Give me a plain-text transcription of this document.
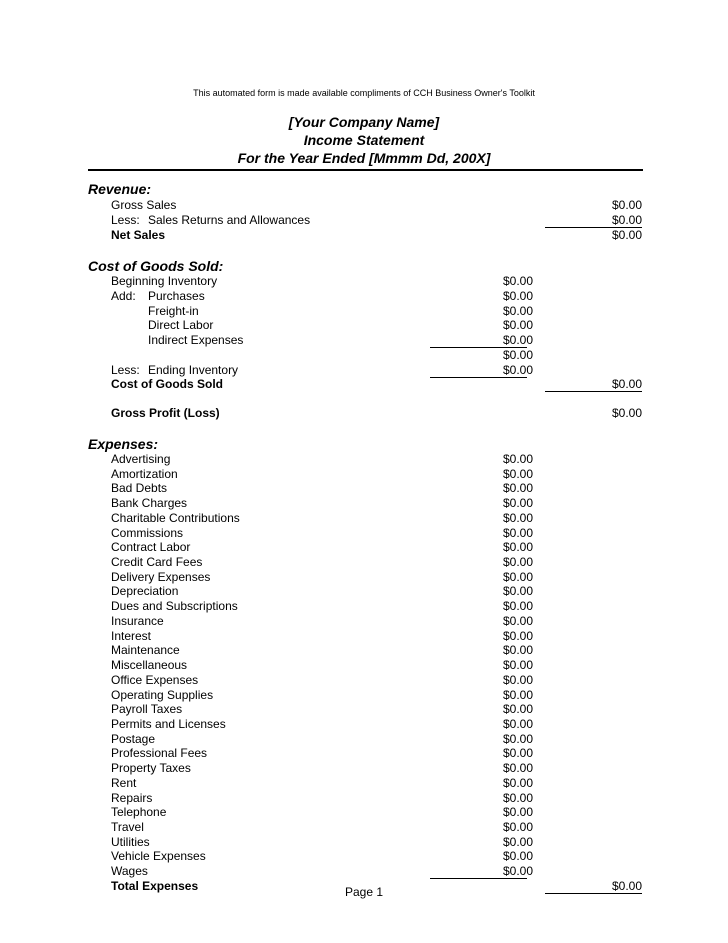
This automated form is made available compliments of CCH Business Owner's Toolkit
[Your Company Name]
Income Statement
For the Year Ended [Mmmm Dd, 200X]
Revenue:
Gross Sales	$0.00
Less: Sales Returns and Allowances	$0.00
Net Sales	$0.00
Cost of Goods Sold:
Beginning Inventory	$0.00
Add: Purchases	$0.00
Freight-in	$0.00
Direct Labor	$0.00
Indirect Expenses	$0.00
$0.00
Less: Ending Inventory	$0.00
Cost of Goods Sold	$0.00
Gross Profit (Loss)	$0.00
Expenses:
Advertising	$0.00
Amortization	$0.00
Bad Debts	$0.00
Bank Charges	$0.00
Charitable Contributions	$0.00
Commissions	$0.00
Contract Labor	$0.00
Credit Card Fees	$0.00
Delivery Expenses	$0.00
Depreciation	$0.00
Dues and Subscriptions	$0.00
Insurance	$0.00
Interest	$0.00
Maintenance	$0.00
Miscellaneous	$0.00
Office Expenses	$0.00
Operating Supplies	$0.00
Payroll Taxes	$0.00
Permits and Licenses	$0.00
Postage	$0.00
Professional Fees	$0.00
Property Taxes	$0.00
Rent	$0.00
Repairs	$0.00
Telephone	$0.00
Travel	$0.00
Utilities	$0.00
Vehicle Expenses	$0.00
Wages	$0.00
Total Expenses	$0.00
Page 1
